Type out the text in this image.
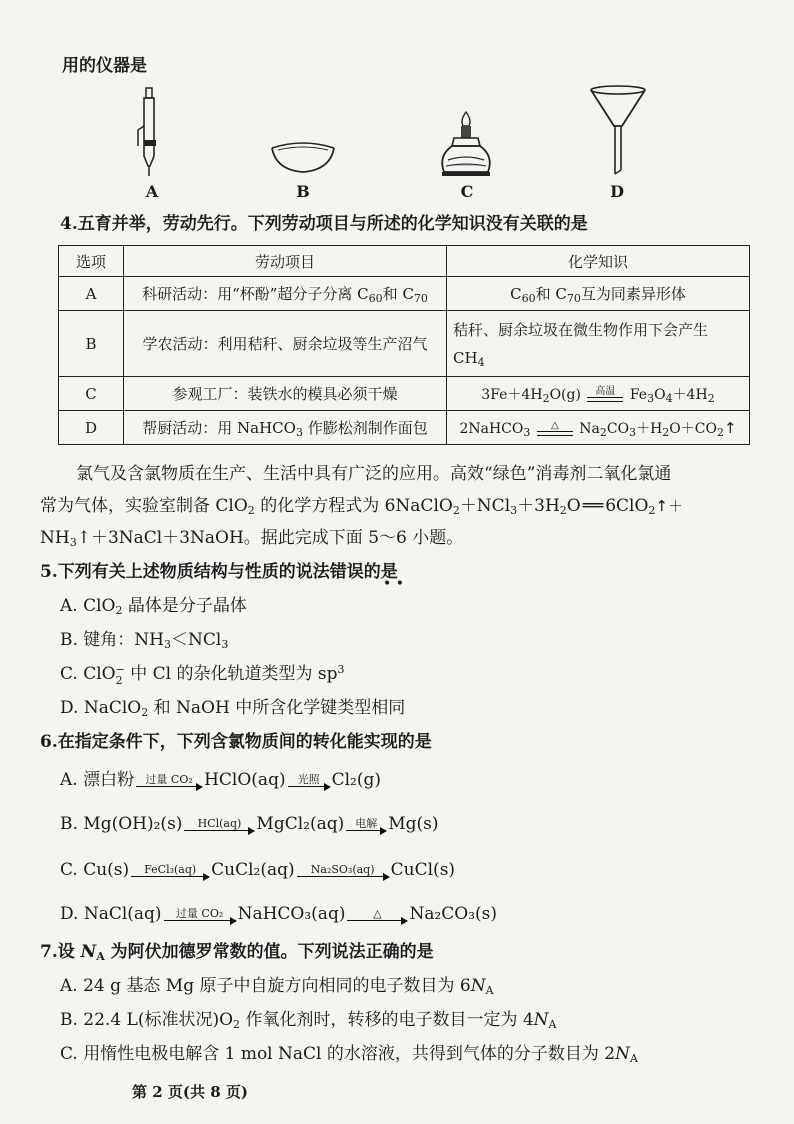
用的仪器是
A	B	C	D
4.五育并举，劳动先行。下列劳动项目与所述的化学知识没有关联的是
选项	劳动项目	化学知识
A	科研活动：用“杯酚”超分子分离 $C_{60}$和 $C_{70}$	$C_{60}$和 $C_{70}$互为同素异形体
B	学农活动：利用秸秆、厨余垃圾等生产沼气	秸秆、厨余垃圾在微生物作用下会产生
$CH_4$

C	参观工厂：装铁水的模具必须干燥	$3Fe+4H_2O(g)$ 高温 $Fe_3O_4+4H_2$
D	帮厨活动：用 NaHCO$_3$ 作膨松剂制作面包	2NaHCO$_3$ △ $Na_2CO_3+H_2O+CO_2↑$
氯气及含氯物质在生产、生活中具有广泛的应用。高效“绿色”消毒剂二氧化氯通
常为气体，实验室制备 ClO$_2$ 的化学方程式为 $6NaClO_2+NCl_3+3H_2O$ ══ 6ClO$_2$↑＋
$NH_3↑+3NaCl+3NaOH$。据此完成下面 5～6 小题。
5.下列有关上述物质结构与性质的说法错误的是
• •
A. ClO$_2$ 晶体是分子晶体
B. 键角：$NH_3<NCl_3$
C. ClO −
2 中 Cl 的杂化轨道类型为 $sp^3$
D. NaClO$_2$ 和 NaOH 中所含化学键类型相同
6.在指定条件下，下列含氯物质间的转化能实现的是
A. 漂白粉 过量 CO₂ HClO(aq) 光照 Cl₂(g)
B. Mg(OH)₂(s) HCl(aq) MgCl₂(aq) 电解 Mg(s)
C. Cu(s) FeCl₃(aq) CuCl₂(aq) Na₂SO₃(aq) CuCl(s)
D. NaCl(aq) 过量 CO₂ NaHCO₃(aq)	△ Na₂CO₃(s)
7.设 $N_A$ 为阿伏加德罗常数的值。下列说法正确的是
A. 24 g 基态 Mg 原子中自旋方向相同的电子数目为 $6N_A$
B. 22.4 L(标准状况)$O_2$ 作氧化剂时，转移的电子数目一定为 $4N_A$
C. 用惰性电极电解含 1 mol NaCl 的水溶液，共得到气体的分子数目为 $2N_A$
第 2 页(共 8 页)
